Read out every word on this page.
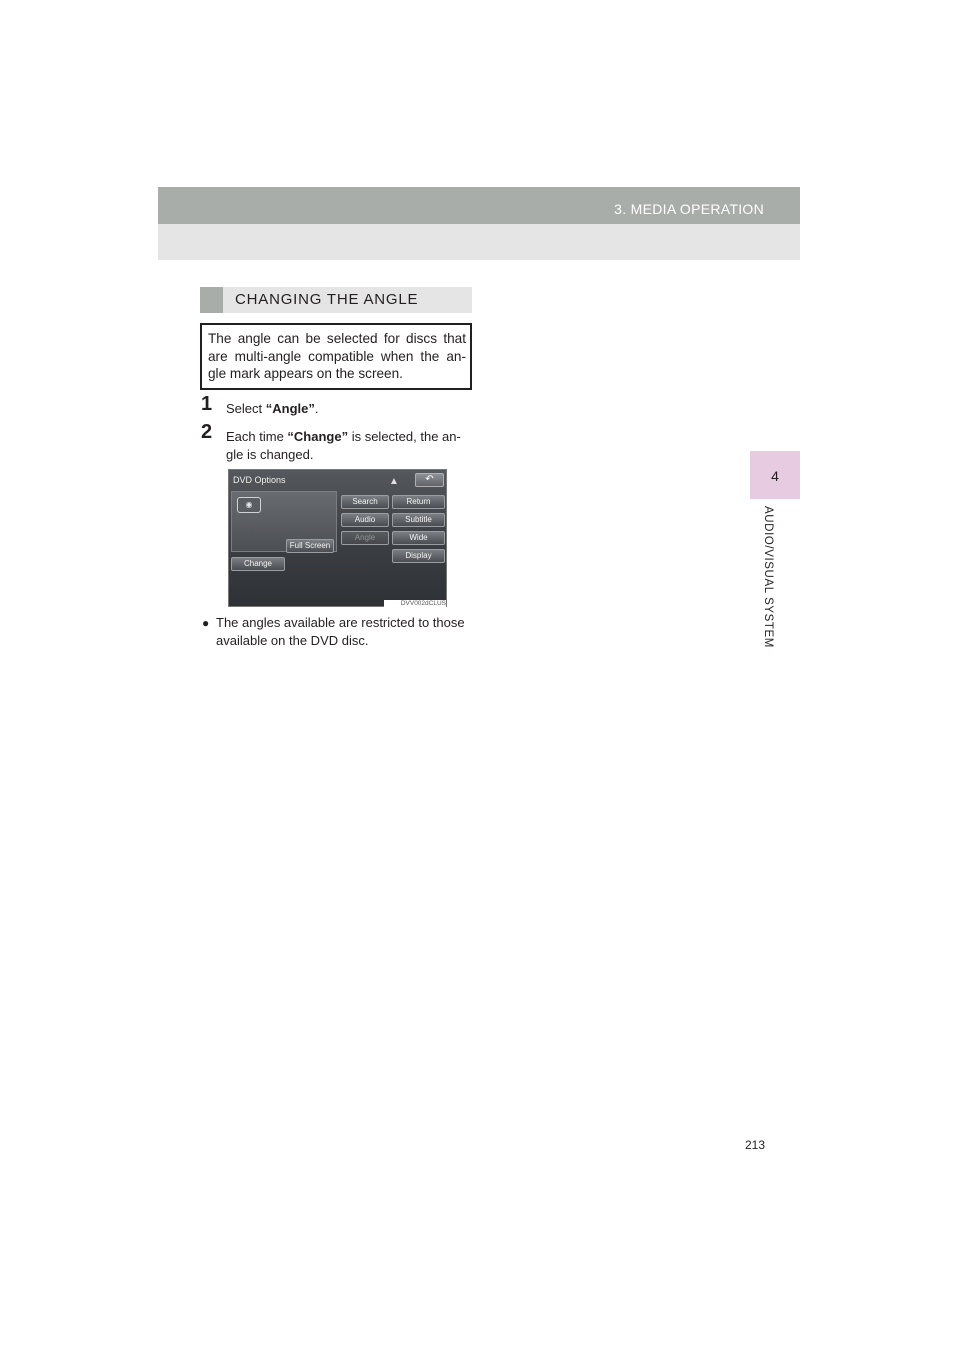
3. MEDIA OPERATION
4
AUDIO/VISUAL SYSTEM
CHANGING THE ANGLE
The angle can be selected for discs that are multi-angle compatible when the an-gle mark appears on the screen.
1 Select “Angle”.
2 Each time “Change” is selected, the an-gle is changed.
DVD Options	▲	↶
◉	Search	Return
Audio	Subtitle
Angle	Wide
Full Screen
Display
Change
DVV002dCLUS
● The angles available are restricted to those available on the DVD disc.
213
